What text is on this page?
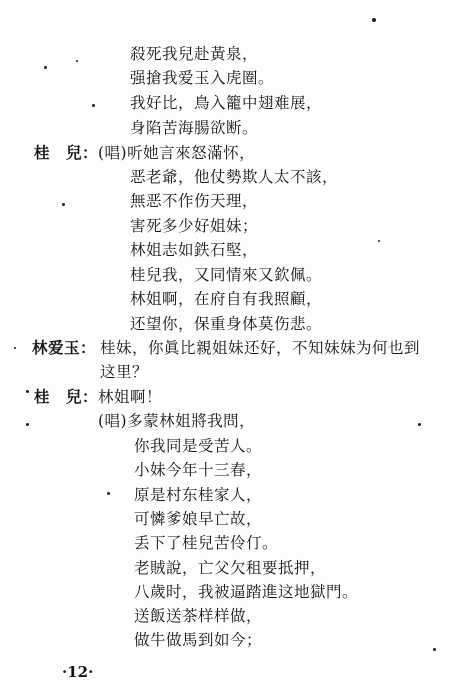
殺死我兒赴黃泉，
强搶我爱玉入虎圈。
我好比，鳥入籠中翅难展，
身陷苦海腸欲断。
桂　兒： (唱)听她言來怒滿怀，
恶老爺，他仗勢欺人太不該，
無恶不作伤天理，
害死多少好姐妹；
林姐志如鉄石堅，
桂兒我，又同情來又欽佩。
林姐啊，在府自有我照顧，
还望你，保重身体莫伤悲。
林爱玉： 桂妹，你眞比親姐妹还好，不知妹妹为何也到
这里？
桂　兒： 林姐啊！
(唱)多蒙林姐將我問，
你我同是受苦人。
小妹今年十三春，
原是村东桂家人，
可憐爹娘早亡故，
丢下了桂兒苦伶仃。
老賊說，亡父欠租要抵押，
八歲时，我被逼踏進这地獄門。
送飯送茶样样做，
做牛做馬到如今；
·12·
